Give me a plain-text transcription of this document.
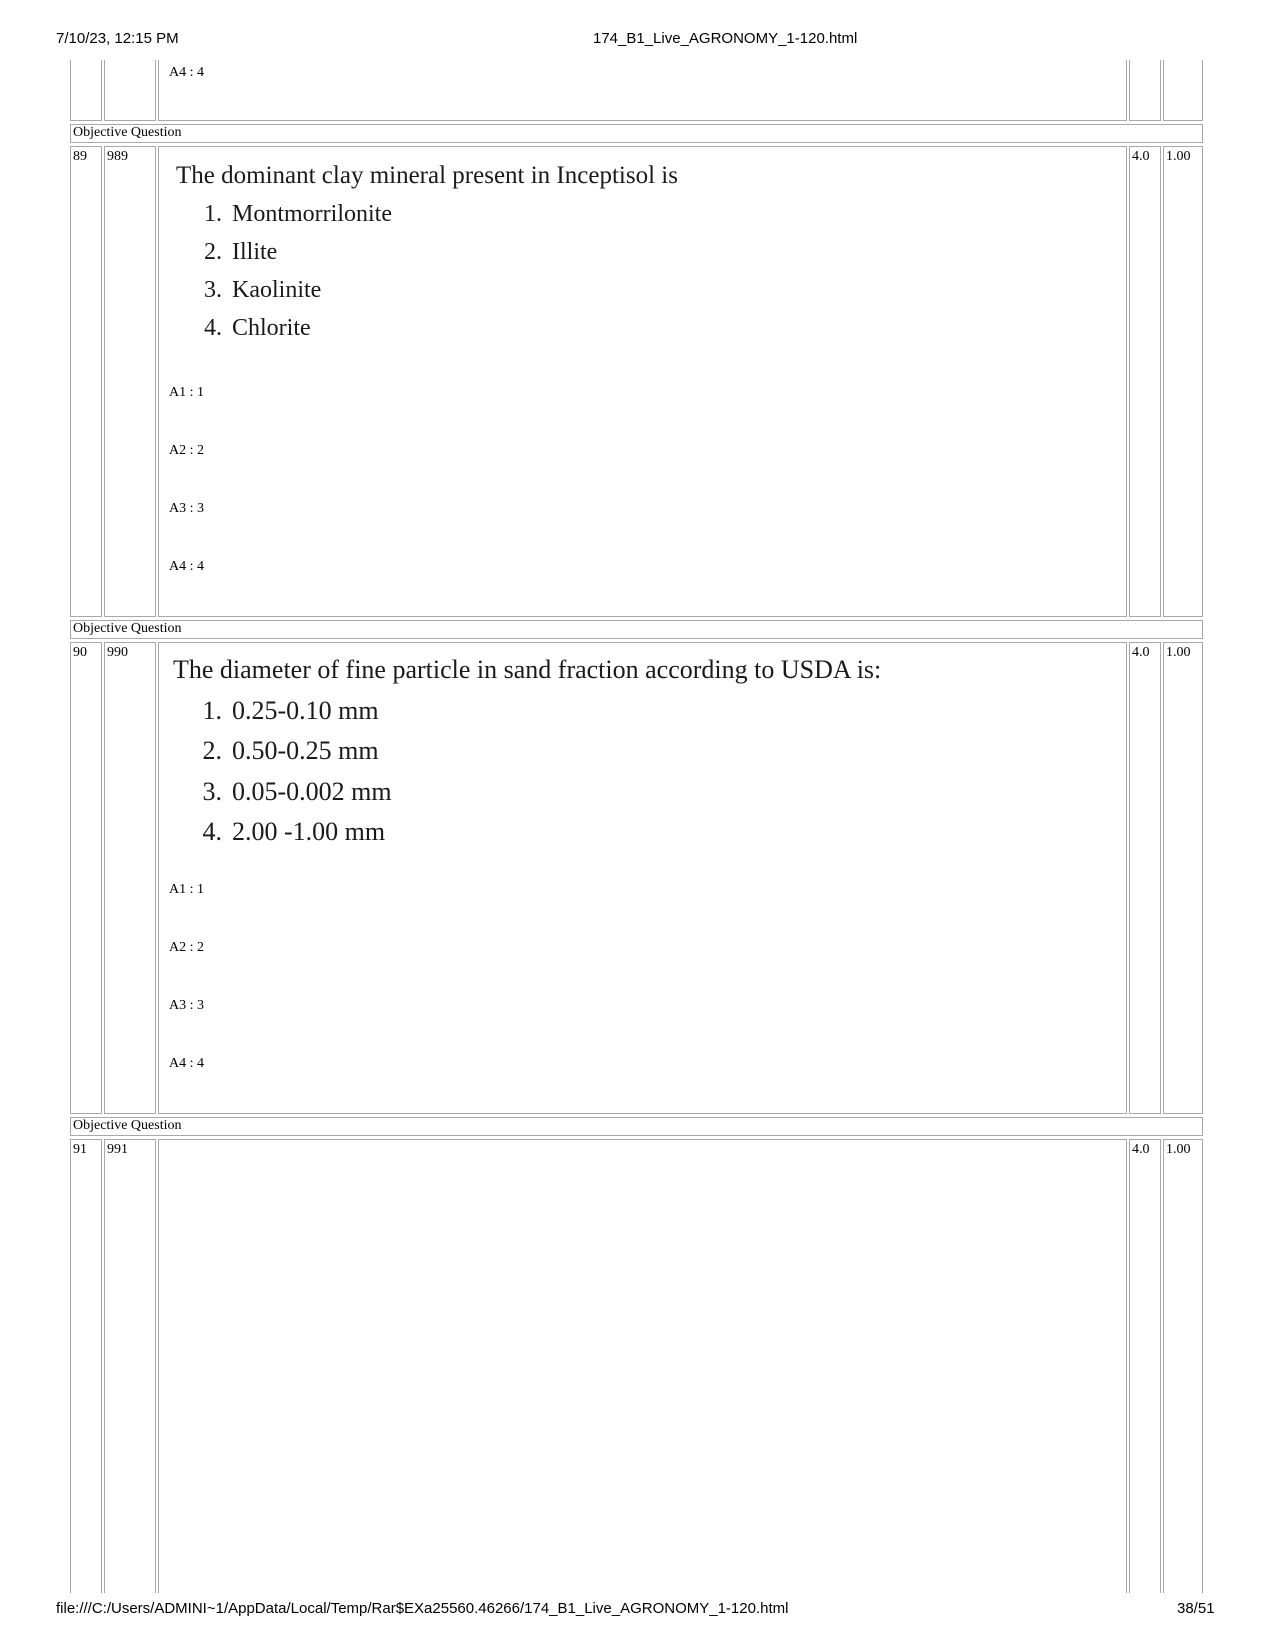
7/10/23, 12:15 PM	174_B1_Live_AGRONOMY_1-120.html
A4 : 4
Objective Question
89 989	4.0 1.00
The dominant clay mineral present in Inceptisol is
1. Montmorrilonite
2. Illite
3. Kaolinite
4. Chlorite
A1 : 1
A2 : 2
A3 : 3
A4 : 4
Objective Question
90 990	4.0 1.00
The diameter of fine particle in sand fraction according to USDA is:
1. 0.25-0.10 mm
2. 0.50-0.25 mm
3. 0.05-0.002 mm
4. 2.00 -1.00 mm
A1 : 1
A2 : 2
A3 : 3
A4 : 4
Objective Question
91 991	4.0 1.00
file:///C:/Users/ADMINI~1/AppData/Local/Temp/Rar$EXa25560.46266/174_B1_Live_AGRONOMY_1-120.html	38/51
